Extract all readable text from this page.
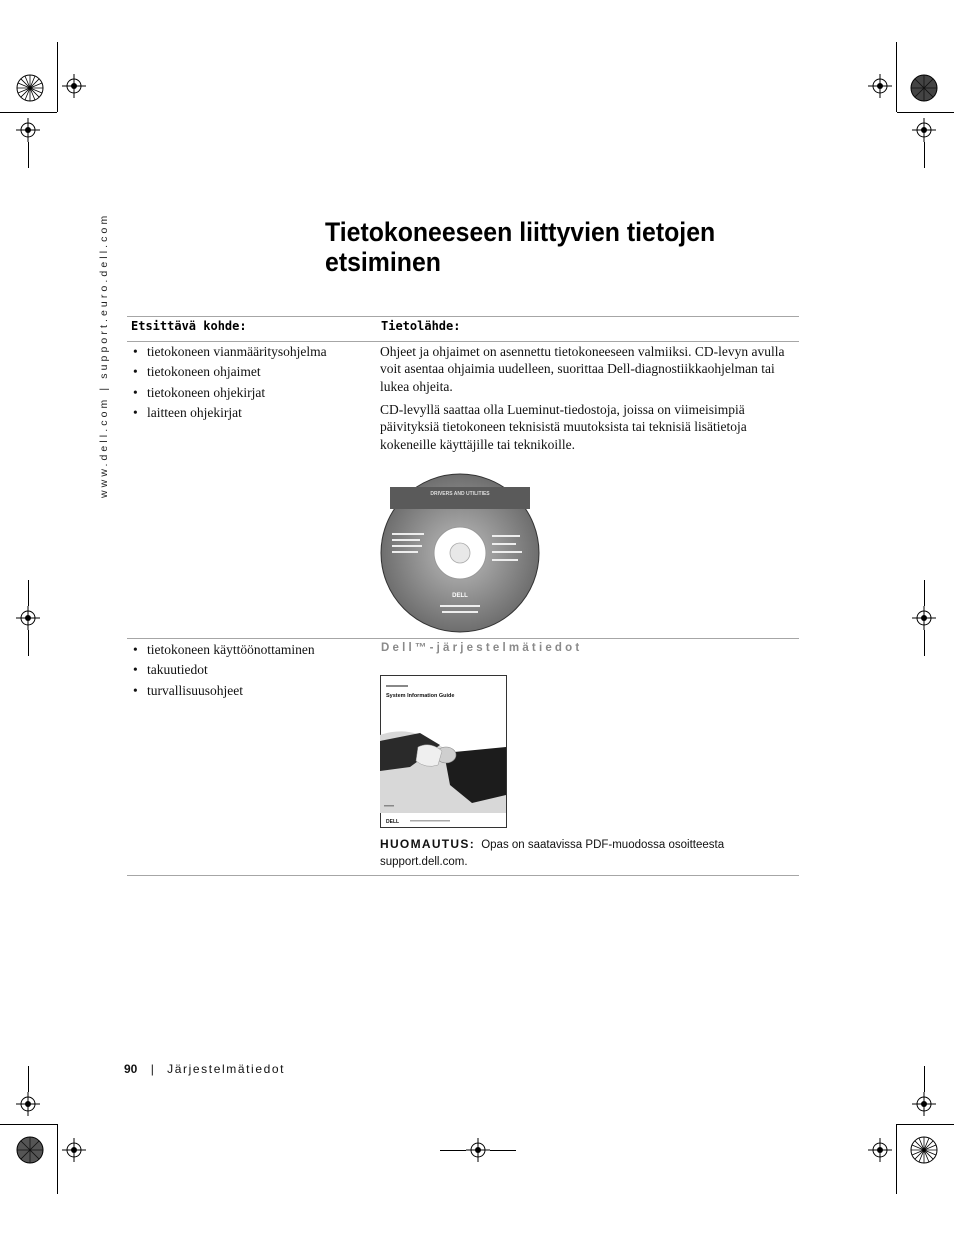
www.dell.com | support.euro.dell.com	Tietokoneeseen liittyvien tietojen etsiminen
Etsittävä kohde:	Tietolähde:
• tietokoneen vianmääritysohjelma
• tietokoneen ohjaimet
• tietokoneen ohjekirjat
• laitteen ohjekirjat

Ohjeet ja ohjaimet on asennettu tietokoneeseen valmiiksi. CD-levyn avulla voit asentaa ohjaimia uudelleen, suorittaa Dell-diagnostiikkaohjelman tai lukea ohjeita.

CD-levyllä saattaa olla Lueminut-tiedostoja, joissa on viimeisimpiä päivityksiä tietokoneen teknisistä muutoksista tai teknisiä lisätietoja kokeneille käyttäjille tai teknikoille.

DRIVERS AND UTILITIES
DELL
• tietokoneen käyttöönottaminen
• takuutiedot
• turvallisuusohjeet
Dell™-järjestelmätiedot
System Information Guide
DELL
HUOMAUTUS: Opas on saatavissa PDF-muodossa osoitteesta
support.dell.com.
90 | Järjestelmätiedot
